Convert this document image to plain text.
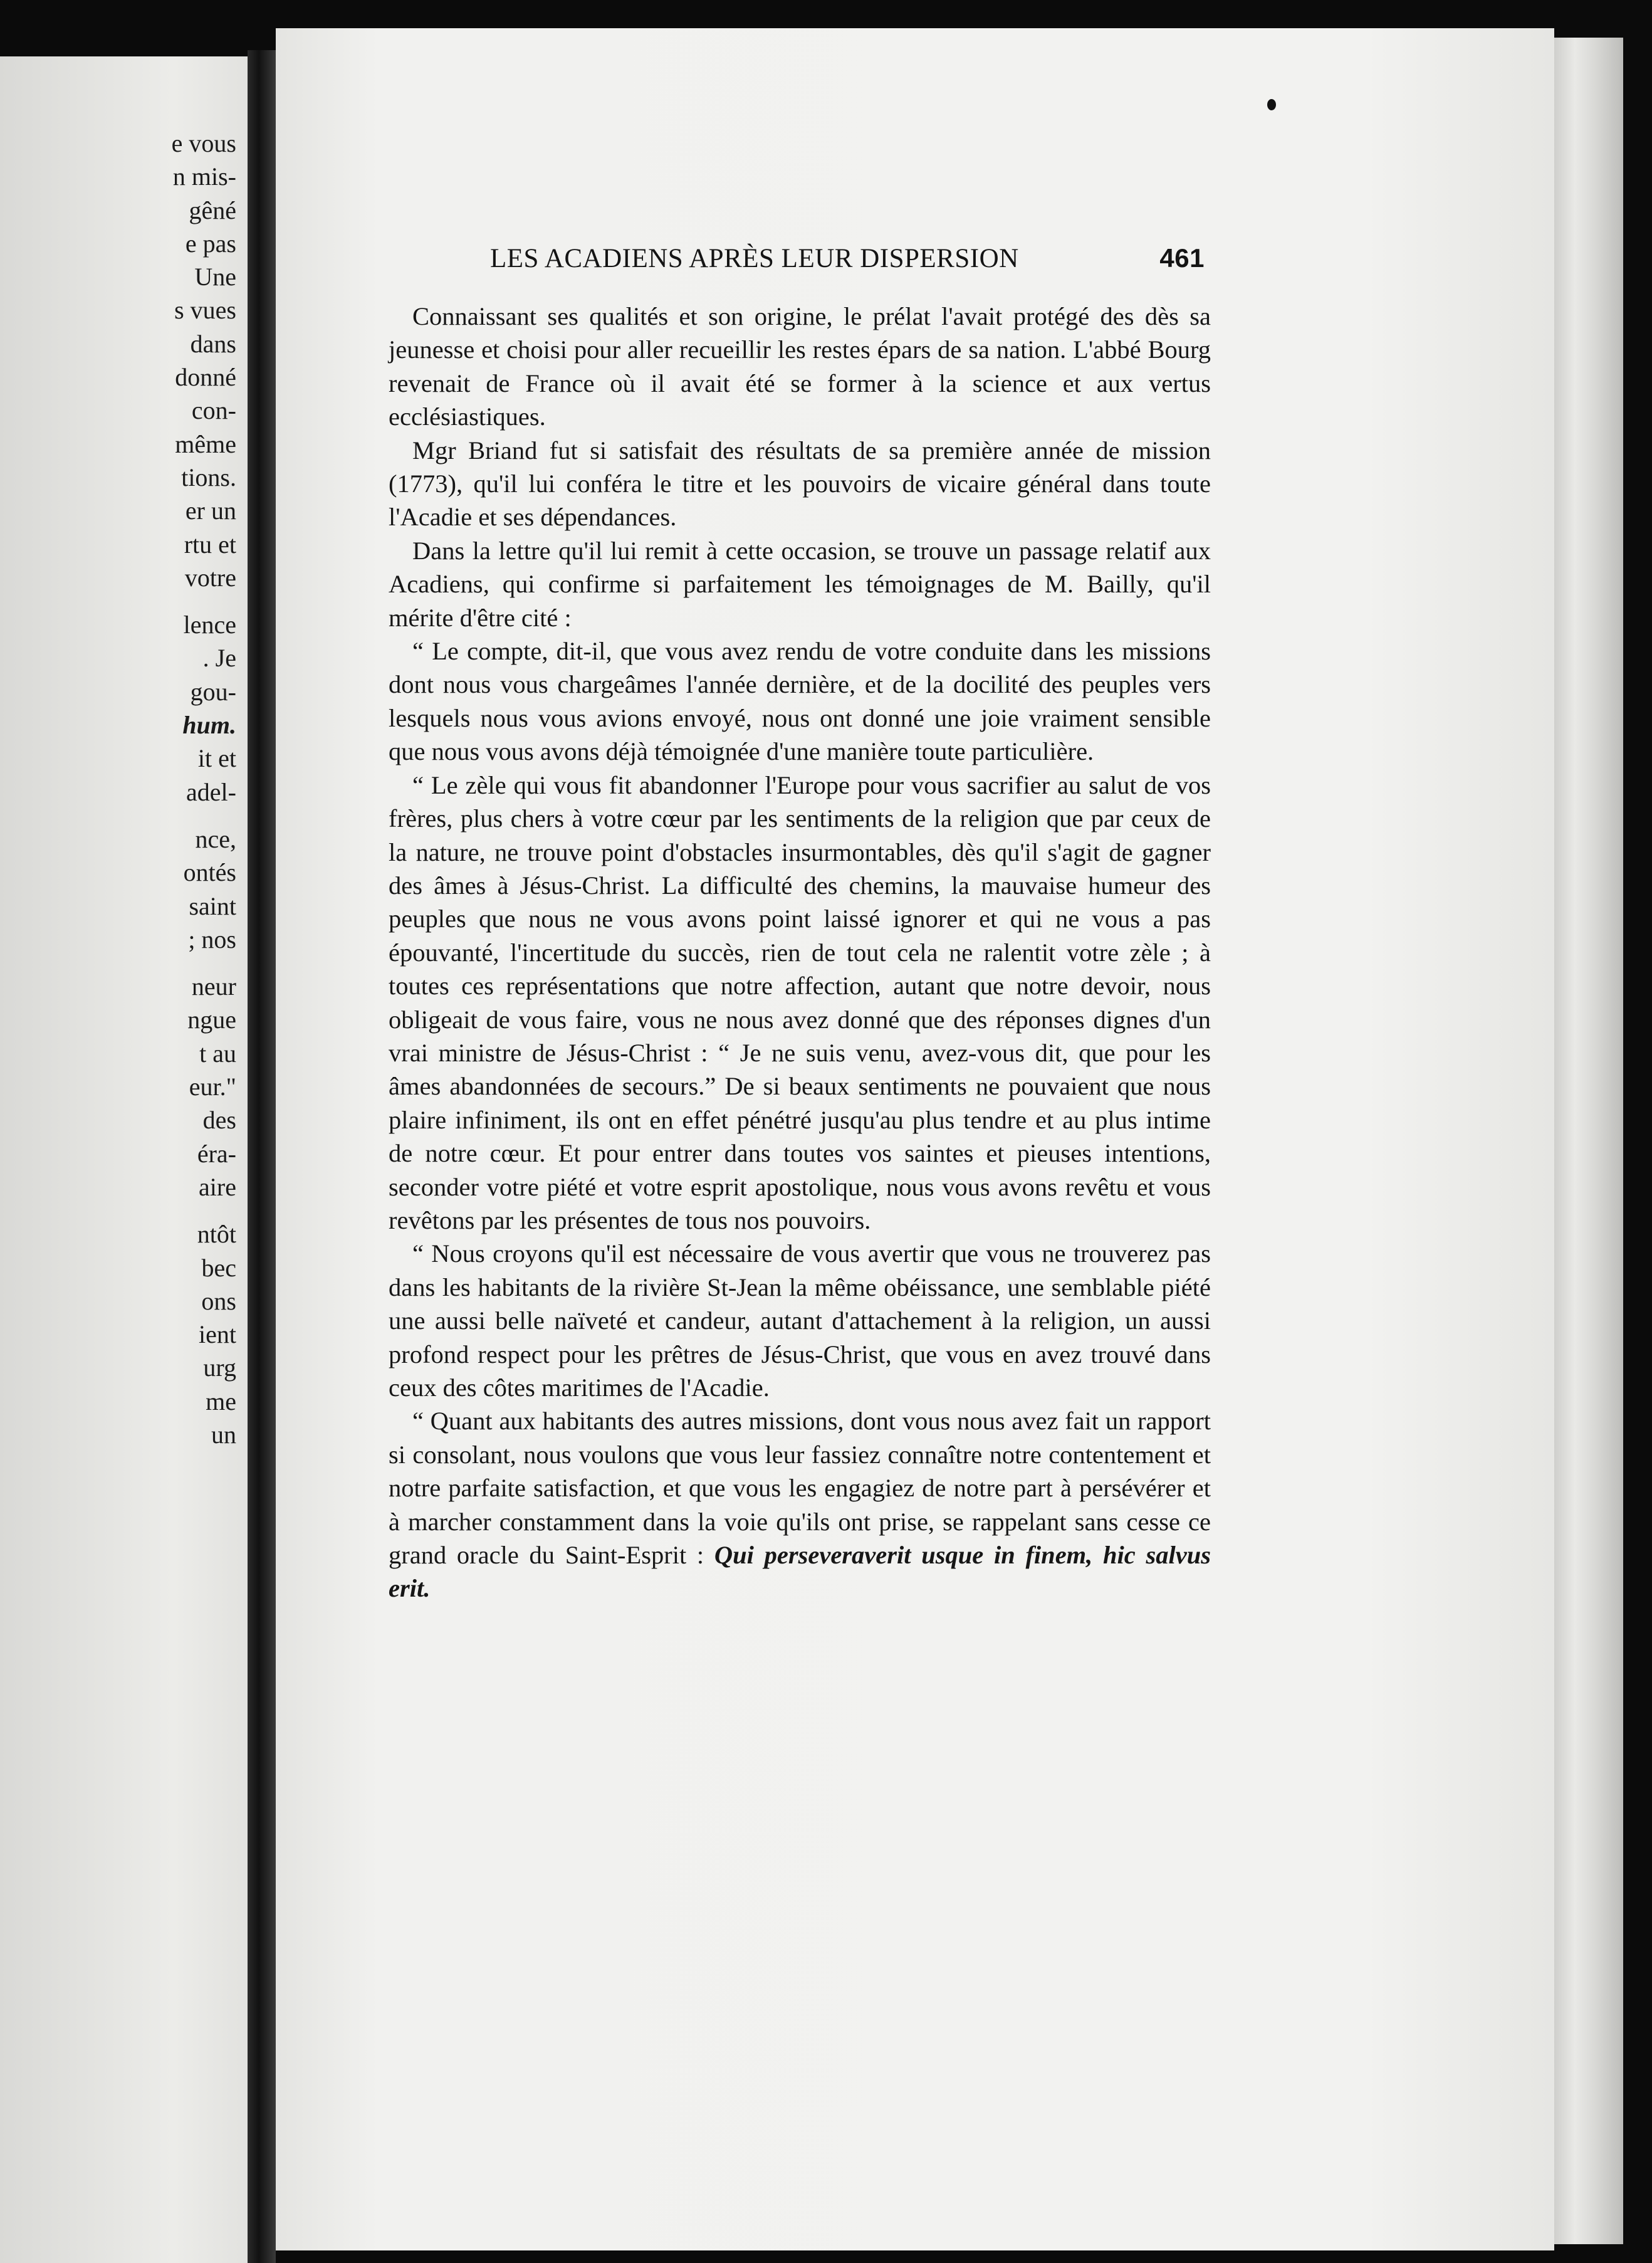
e vous
n mis-
gêné
e pas
Une
s vues
dans
donné
con-
même
tions.
er un
rtu et
votre
lence
. Je
gou-
hum.
it et
adel-
nce,
ontés
saint
; nos
neur
ngue
t au
eur."
des
éra-
aire
ntôt
bec
ons
ient
urg
me
un
LES ACADIENS APRÈS LEUR DISPERSION	461

Connaissant ses qualités et son origine, le prélat l'avait protégé des dès sa jeunesse et choisi pour aller recueillir les restes épars de sa nation. L'abbé Bourg revenait de France où il avait été se former à la science et aux vertus ecclésiastiques.

Mgr Briand fut si satisfait des résultats de sa première année de mission (1773), qu'il lui conféra le titre et les pouvoirs de vicaire général dans toute l'Acadie et ses dépendances.

Dans la lettre qu'il lui remit à cette occasion, se trouve un passage relatif aux Acadiens, qui confirme si parfaitement les témoignages de M. Bailly, qu'il mérite d'être cité :

“ Le compte, dit-il, que vous avez rendu de votre conduite dans les missions dont nous vous chargeâmes l'année dernière, et de la docilité des peuples vers lesquels nous vous avions envoyé, nous ont donné une joie vraiment sensible que nous vous avons déjà témoignée d'une manière toute particulière.

“ Le zèle qui vous fit abandonner l'Europe pour vous sacrifier au salut de vos frères, plus chers à votre cœur par les sentiments de la religion que par ceux de la nature, ne trouve point d'obstacles insurmontables, dès qu'il s'agit de gagner des âmes à Jésus-Christ. La difficulté des chemins, la mauvaise humeur des peuples que nous ne vous avons point laissé ignorer et qui ne vous a pas épouvanté, l'incertitude du succès, rien de tout cela ne ralentit votre zèle ; à toutes ces représentations que notre affection, autant que notre devoir, nous obligeait de vous faire, vous ne nous avez donné que des réponses dignes d'un vrai ministre de Jésus-Christ : “ Je ne suis venu, avez-vous dit, que pour les âmes abandonnées de secours.” De si beaux sentiments ne pouvaient que nous plaire infiniment, ils ont en effet pénétré jusqu'au plus tendre et au plus intime de notre cœur. Et pour entrer dans toutes vos saintes et pieuses intentions, seconder votre piété et votre esprit apostolique, nous vous avons revêtu et vous revêtons par les présentes de tous nos pouvoirs.

“ Nous croyons qu'il est nécessaire de vous avertir que vous ne trouverez pas dans les habitants de la rivière St-Jean la même obéissance, une semblable piété une aussi belle naïveté et candeur, autant d'attachement à la religion, un aussi profond respect pour les prêtres de Jésus-Christ, que vous en avez trouvé dans ceux des côtes maritimes de l'Acadie.

“ Quant aux habitants des autres missions, dont vous nous avez fait un rapport si consolant, nous voulons que vous leur fassiez connaître notre contentement et notre parfaite satisfaction, et que vous les engagiez de notre part à persévérer et à marcher constamment dans la voie qu'ils ont prise, se rappelant sans cesse ce grand oracle du Saint-Esprit : Qui perseveraverit usque in finem, hic salvus erit.
